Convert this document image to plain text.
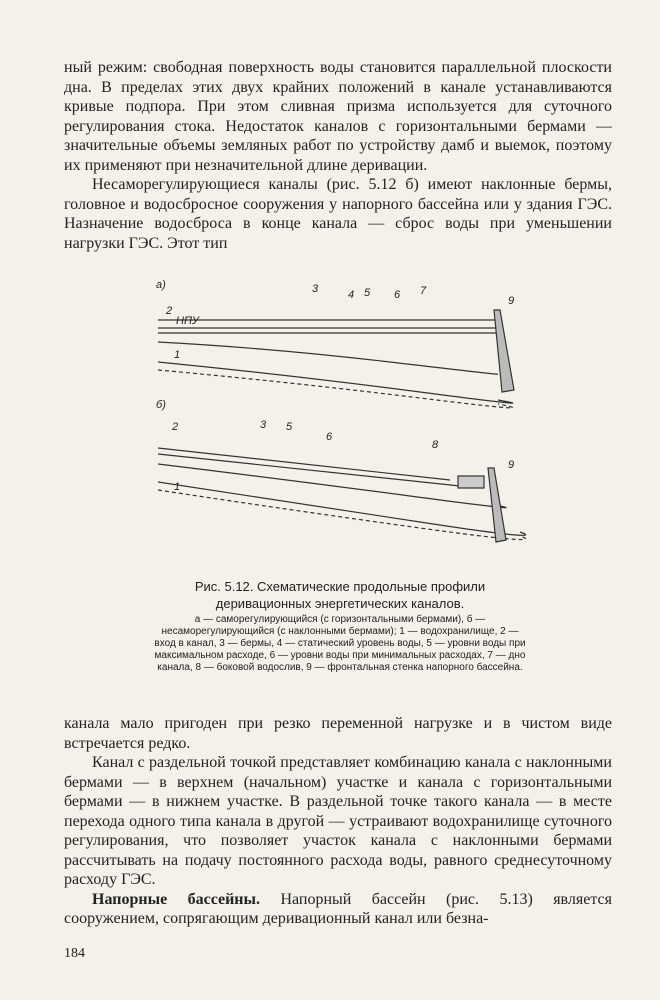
ный режим: свободная поверхность воды становится параллельной плоскости дна. В пределах этих двух крайних положений в канале устанавливаются кривые подпора. При этом сливная призма используется для суточного регулирования стока. Недостаток каналов с горизонтальными бермами — значительные объемы земляных работ по устройству дамб и выемок, поэтому их применяют при незначительной длине деривации.

Несаморегулирующиеся каналы (рис. 5.12 б) имеют наклонные бермы, головное и водосбросное сооружения у напорного бассейна или у здания ГЭС. Назначение водосброса в конце канала — сброс воды при уменьшении нагрузки ГЭС. Этот тип

а)
НПУ
2
1
3	4 5 6 7
9
б)
2
1
3 5
6
8
9
Рис. 5.12. Схематические продольные профили деривационных энергетических каналов.
а — саморегулирующийся (с горизонтальными бермами), б — несаморегулирующийся (с наклонными бермами); 1 — водохранилище, 2 — вход в канал, 3 — бермы, 4 — статический уровень воды, 5 — уровни воды при максимальном расходе, 6 — уровни воды при минимальных расходах, 7 — дно канала, 8 — боковой водослив, 9 — фронтальная стенка напорного бассейна.

канала мало пригоден при резко переменной нагрузке и в чистом виде встречается редко.

Канал с раздельной точкой представляет комбинацию канала с наклонными бермами — в верхнем (начальном) участке и канала с горизонтальными бермами — в нижнем участке. В раздельной точке такого канала — в месте перехода одного типа канала в другой — устраивают водохранилище суточного регулирования, что позволяет участок канала с наклонными бермами рассчитывать на подачу постоянного расхода воды, равного среднесуточному расходу ГЭС.

Напорные бассейны. Напорный бассейн (рис. 5.13) является сооружением, сопрягающим деривационный канал или безна-

184
